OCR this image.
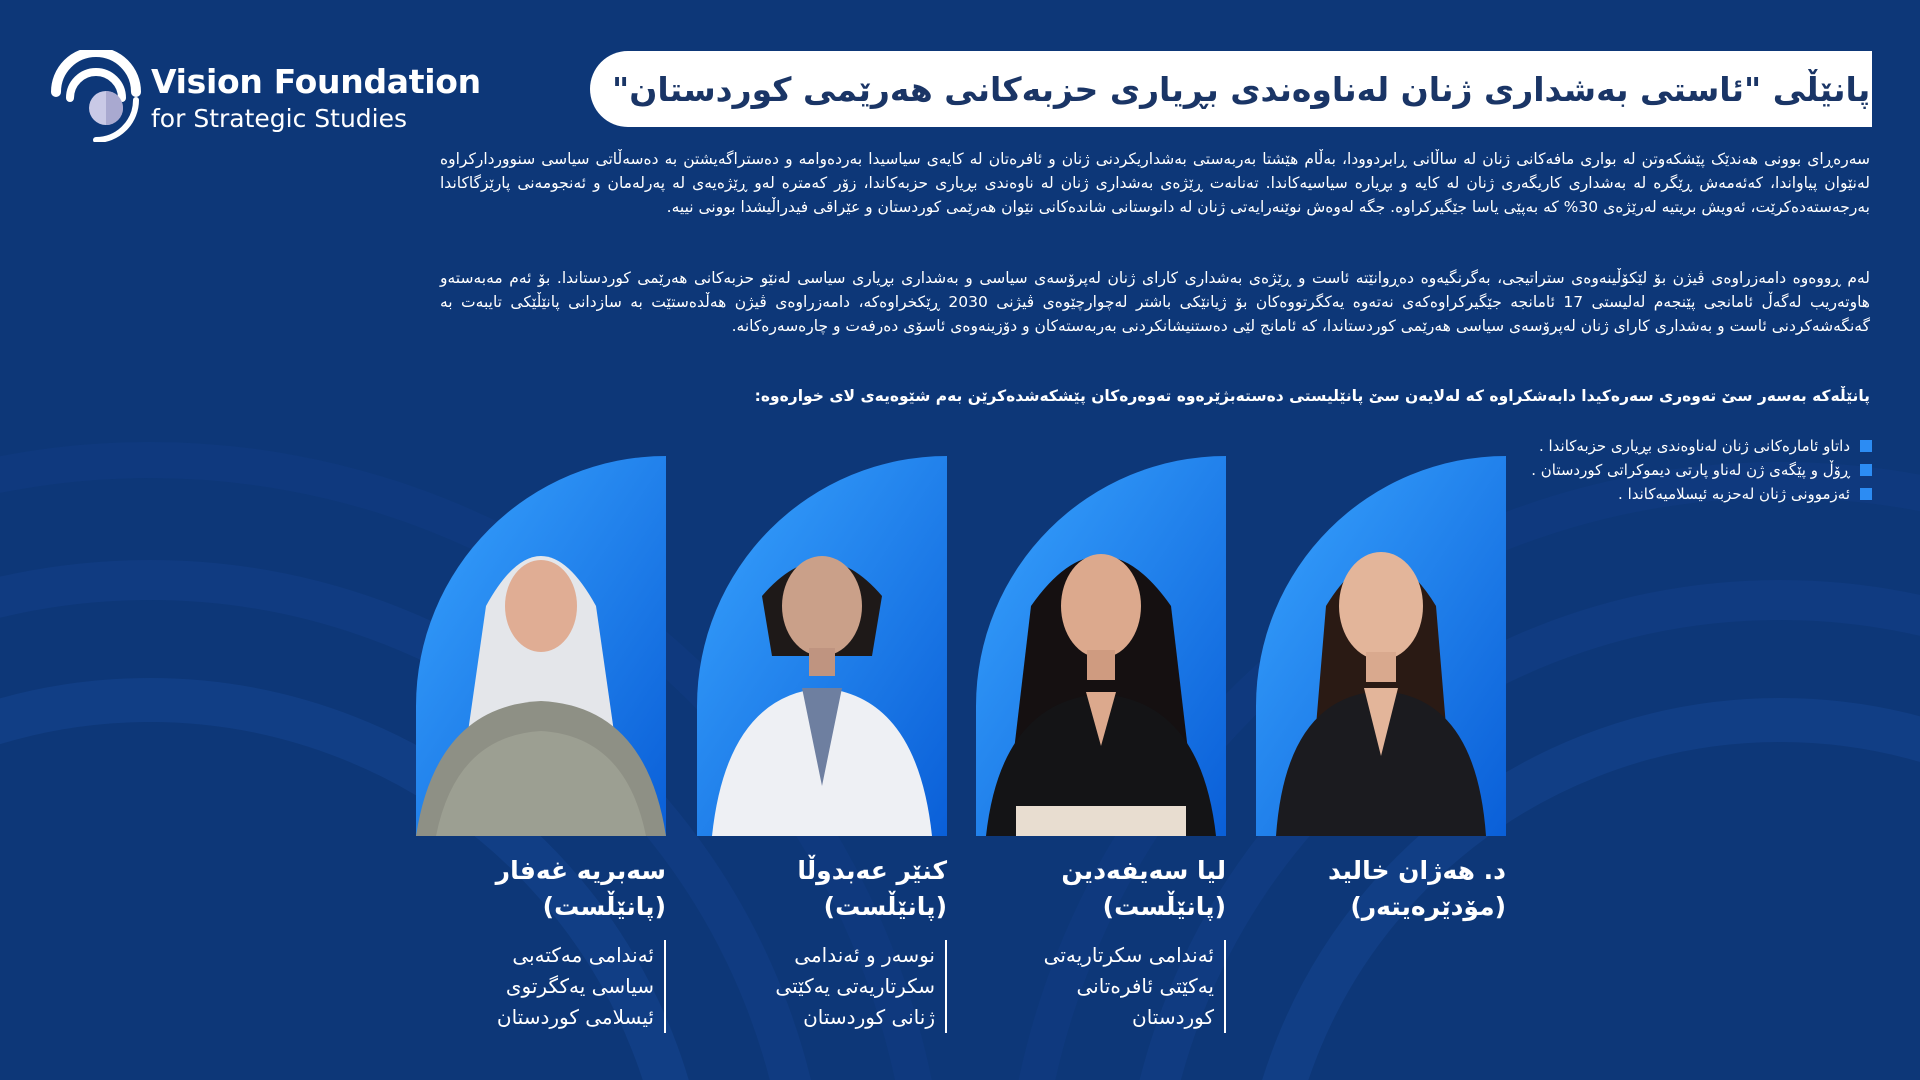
Vision Foundation
for Strategic Studies
پانێڵی "ئاستی بەشداری ژنان لەناوەندی بڕیاری حزبەکانی هەرێمی کوردستان"
سەرەڕای بوونی هەندێک پێشکەوتن لە بواری مافەکانی ژنان لە ساڵانی ڕابردوودا، بەڵام هێشتا بەربەستی بەشداریکردنی ژنان و ئافرەتان لە کایەی سیاسیدا بەردەوامە و دەستراگەیشتن بە دەسەڵاتی سیاسی سنووردارکراوە لەنێوان پیاواندا، کەئەمەش ڕێگرە لە بەشداری کاریگەری ژنان لە کایە و بڕیارە سیاسیەکاندا. تەنانەت ڕێژەی بەشداری ژنان لە ناوەندی بڕیاری حزبەکاندا، زۆر کەمترە لەو ڕێژەیەی لە پەرلەمان و ئەنجومەنی پارێزگاکاندا بەرجەستەدەکرێت، ئەویش بریتیە لەرێژەی 30% کە بەپێی یاسا جێگیرکراوە. جگە لەوەش نوێنەرایەتی ژنان لە دانوستانی شاندەکانی نێوان هەرێمی کوردستان و عێراقی فیدراڵیشدا بوونی نییە.
لەم ڕووەوە دامەزراوەی ڤیژن بۆ لێکۆڵینەوەی ستراتیجی، بەگرنگیەوە دەڕوانێتە ئاست و ڕێژەی بەشداری کارای ژنان لەپرۆسەی سیاسی و بەشداری بڕیاری سیاسی لەنێو حزبەکانی هەرێمی کوردستاندا. بۆ ئەم مەبەستەو هاوتەریب لەگەڵ ئامانجی پێنجەم لەلیستی 17 ئامانجە جێگیرکراوەکەی نەتەوە یەکگرتووەکان بۆ ژیانێکی باشتر لەچوارچێوەی ڤیژنی 2030 ڕێکخراوەکە، دامەزراوەی ڤیژن هەڵدەستێت بە سازدانی پانێڵێکی تایبەت بە گەنگەشەکردنی ئاست و بەشداری کارای ژنان لەپرۆسەی سیاسی هەرێمی کوردستاندا، کە ئامانج لێی دەستنیشانکردنی بەربەستەکان و دۆزینەوەی ئاسۆی دەرفەت و چارەسەرەکانە.
پانێڵەکە بەسەر سێ تەوەری سەرەکیدا دابەشکراوە کە لەلایەن سێ پانێلیستی دەستەبژێرەوە تەوەرەکان پێشکەشدەکرێن بەم شێوەیەی لای خوارەوە:
داتاو ئامارەکانی ژنان لەناوەندی بڕیاری حزبەکاندا .
ڕۆڵ و پێگەی ژن لەناو پارتی دیموکراتی کوردستان .
ئەزموونی ژنان لەحزبە ئیسلامیەکاندا .
د. هەژان خالید
(مۆدێرەیتەر)
لیا سەیفەدین
(پانێڵست)
ئەندامی سکرتاریەتی
یەکێتی ئافرەتانی
کوردستان
کنێر عەبدوڵا
(پانێڵست)
نوسەر و ئەندامی
سکرتاریەتی یەکێتی
ژنانی کوردستان
سەبریە غەفار
(پانێڵست)
ئەندامی مەکتەبی
سیاسی یەکگرتوی
ئیسلامی کوردستان
